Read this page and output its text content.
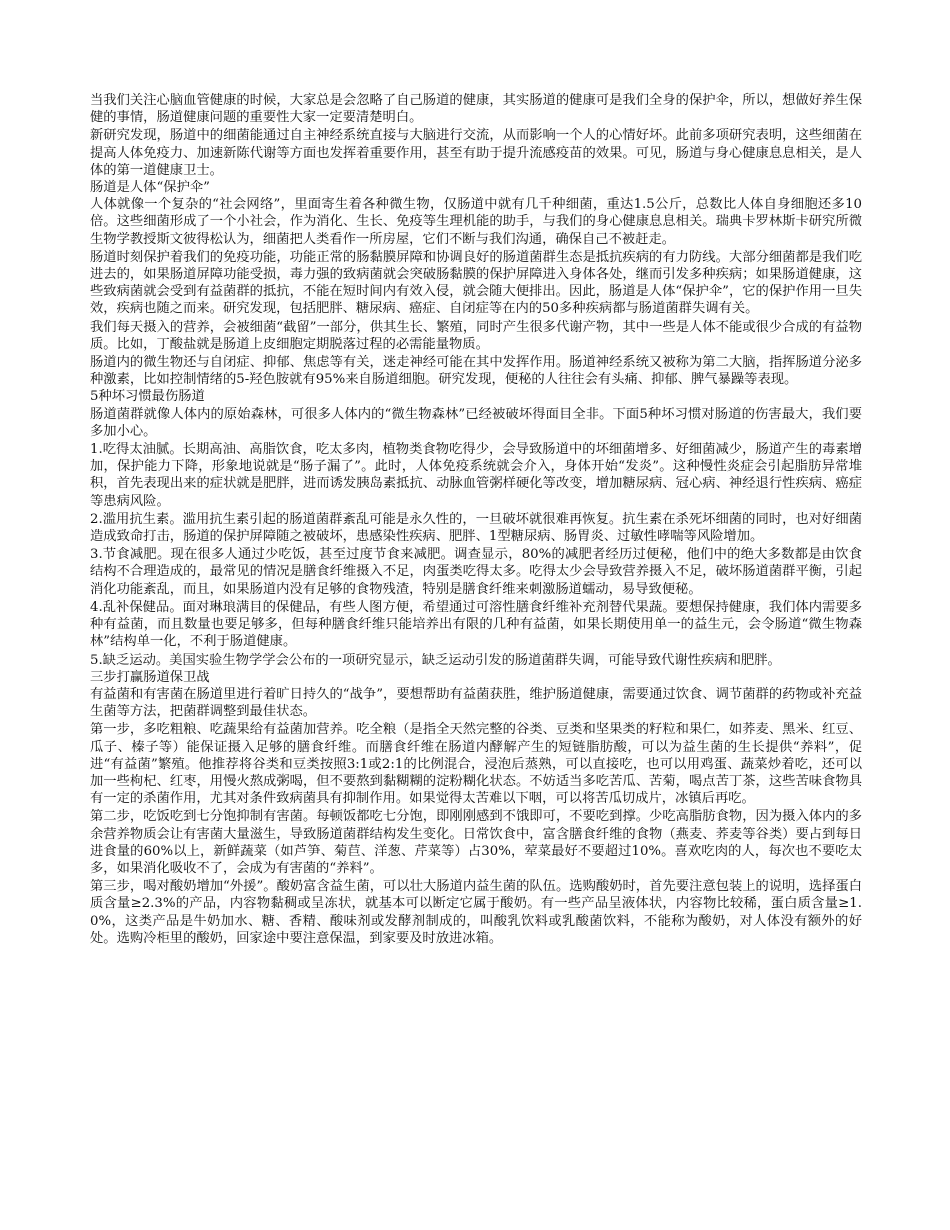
当我们关注心脑血管健康的时候，大家总是会忽略了自己肠道的健康，其实肠道的健康可是我们全身的保护伞，所以，想做好养生保健的事情，肠道健康问题的重要性大家一定要清楚明白。

新研究发现，肠道中的细菌能通过自主神经系统直接与大脑进行交流，从而影响一个人的心情好坏。此前多项研究表明，这些细菌在提高人体免疫力、加速新陈代谢等方面也发挥着重要作用，甚至有助于提升流感疫苗的效果。可见，肠道与身心健康息息相关，是人体的第一道健康卫士。

肠道是人体“保护伞”

人体就像一个复杂的“社会网络”，里面寄生着各种微生物，仅肠道中就有几千种细菌，重达1.5公斤，总数比人体自身细胞还多10倍。这些细菌形成了一个小社会，作为消化、生长、免疫等生理机能的助手，与我们的身心健康息息相关。瑞典卡罗林斯卡研究所微生物学教授斯文彼得松认为，细菌把人类看作一所房屋，它们不断与我们沟通，确保自己不被赶走。

肠道时刻保护着我们的免疫功能，功能正常的肠黏膜屏障和协调良好的肠道菌群生态是抵抗疾病的有力防线。大部分细菌都是我们吃进去的，如果肠道屏障功能受损，毒力强的致病菌就会突破肠黏膜的保护屏障进入身体各处，继而引发多种疾病；如果肠道健康，这些致病菌就会受到有益菌群的抵抗，不能在短时间内有效入侵，就会随大便排出。因此，肠道是人体“保护伞”，它的保护作用一旦失效，疾病也随之而来。研究发现，包括肥胖、糖尿病、癌症、自闭症等在内的50多种疾病都与肠道菌群失调有关。

我们每天摄入的营养，会被细菌“截留”一部分，供其生长、繁殖，同时产生很多代谢产物，其中一些是人体不能或很少合成的有益物质。比如，丁酸盐就是肠道上皮细胞定期脱落过程的必需能量物质。

肠道内的微生物还与自闭症、抑郁、焦虑等有关，迷走神经可能在其中发挥作用。肠道神经系统又被称为第二大脑，指挥肠道分泌多种激素，比如控制情绪的5-羟色胺就有95%来自肠道细胞。研究发现，便秘的人往往会有头痛、抑郁、脾气暴躁等表现。

5种坏习惯最伤肠道

肠道菌群就像人体内的原始森林，可很多人体内的“微生物森林”已经被破坏得面目全非。下面5种坏习惯对肠道的伤害最大，我们要多加小心。

1.吃得太油腻。长期高油、高脂饮食，吃太多肉，植物类食物吃得少，会导致肠道中的坏细菌增多、好细菌减少，肠道产生的毒素增加，保护能力下降，形象地说就是“肠子漏了”。此时，人体免疫系统就会介入，身体开始“发炎”。这种慢性炎症会引起脂肪异常堆积，首先表现出来的症状就是肥胖，进而诱发胰岛素抵抗、动脉血管粥样硬化等改变，增加糖尿病、冠心病、神经退行性疾病、癌症等患病风险。

2.滥用抗生素。滥用抗生素引起的肠道菌群紊乱可能是永久性的，一旦破坏就很难再恢复。抗生素在杀死坏细菌的同时，也对好细菌造成致命打击，肠道的保护屏障随之被破坏，患感染性疾病、肥胖、1型糖尿病、肠胃炎、过敏性哮喘等风险增加。

3.节食减肥。现在很多人通过少吃饭，甚至过度节食来减肥。调查显示，80%的减肥者经历过便秘，他们中的绝大多数都是由饮食结构不合理造成的，最常见的情况是膳食纤维摄入不足，肉蛋类吃得太多。吃得太少会导致营养摄入不足，破坏肠道菌群平衡，引起消化功能紊乱，而且，如果肠道内没有足够的食物残渣，特别是膳食纤维来刺激肠道蠕动，易导致便秘。

4.乱补保健品。面对琳琅满目的保健品，有些人图方便，希望通过可溶性膳食纤维补充剂替代果蔬。要想保持健康，我们体内需要多种有益菌，而且数量也要足够多，但每种膳食纤维只能培养出有限的几种有益菌，如果长期使用单一的益生元，会令肠道“微生物森林”结构单一化，不利于肠道健康。

5.缺乏运动。美国实验生物学学会公布的一项研究显示，缺乏运动引发的肠道菌群失调，可能导致代谢性疾病和肥胖。

三步打赢肠道保卫战

有益菌和有害菌在肠道里进行着旷日持久的“战争”，要想帮助有益菌获胜，维护肠道健康，需要通过饮食、调节菌群的药物或补充益生菌等方法，把菌群调整到最佳状态。

第一步，多吃粗粮、吃蔬果给有益菌加营养。吃全粮（是指全天然完整的谷类、豆类和坚果类的籽粒和果仁，如荞麦、黑米、红豆、瓜子、榛子等）能保证摄入足够的膳食纤维。而膳食纤维在肠道内酵解产生的短链脂肪酸，可以为益生菌的生长提供“养料”，促进“有益菌”繁殖。他推荐将谷类和豆类按照3:1或2:1的比例混合，浸泡后蒸熟，可以直接吃，也可以用鸡蛋、蔬菜炒着吃，还可以加一些枸杞、红枣，用慢火熬成粥喝，但不要熬到黏糊糊的淀粉糊化状态。不妨适当多吃苦瓜、苦菊，喝点苦丁茶，这些苦味食物具有一定的杀菌作用，尤其对条件致病菌具有抑制作用。如果觉得太苦难以下咽，可以将苦瓜切成片，冰镇后再吃。

第二步，吃饭吃到七分饱抑制有害菌。每顿饭都吃七分饱，即刚刚感到不饿即可，不要吃到撑。少吃高脂肪食物，因为摄入体内的多余营养物质会让有害菌大量滋生，导致肠道菌群结构发生变化。日常饮食中，富含膳食纤维的食物（燕麦、荞麦等谷类）要占到每日进食量的60%以上，新鲜蔬菜（如芦笋、菊苣、洋葱、芹菜等）占30%，荤菜最好不要超过10%。喜欢吃肉的人，每次也不要吃太多，如果消化吸收不了，会成为有害菌的“养料”。

第三步，喝对酸奶增加“外援”。酸奶富含益生菌，可以壮大肠道内益生菌的队伍。选购酸奶时，首先要注意包装上的说明，选择蛋白质含量≥2.3%的产品，内容物黏稠或呈冻状，就基本可以断定它属于酸奶。有一些产品呈液体状，内容物比较稀，蛋白质含量≥1.0%，这类产品是牛奶加水、糖、香精、酸味剂或发酵剂制成的，叫酸乳饮料或乳酸菌饮料，不能称为酸奶，对人体没有额外的好处。选购冷柜里的酸奶，回家途中要注意保温，到家要及时放进冰箱。
